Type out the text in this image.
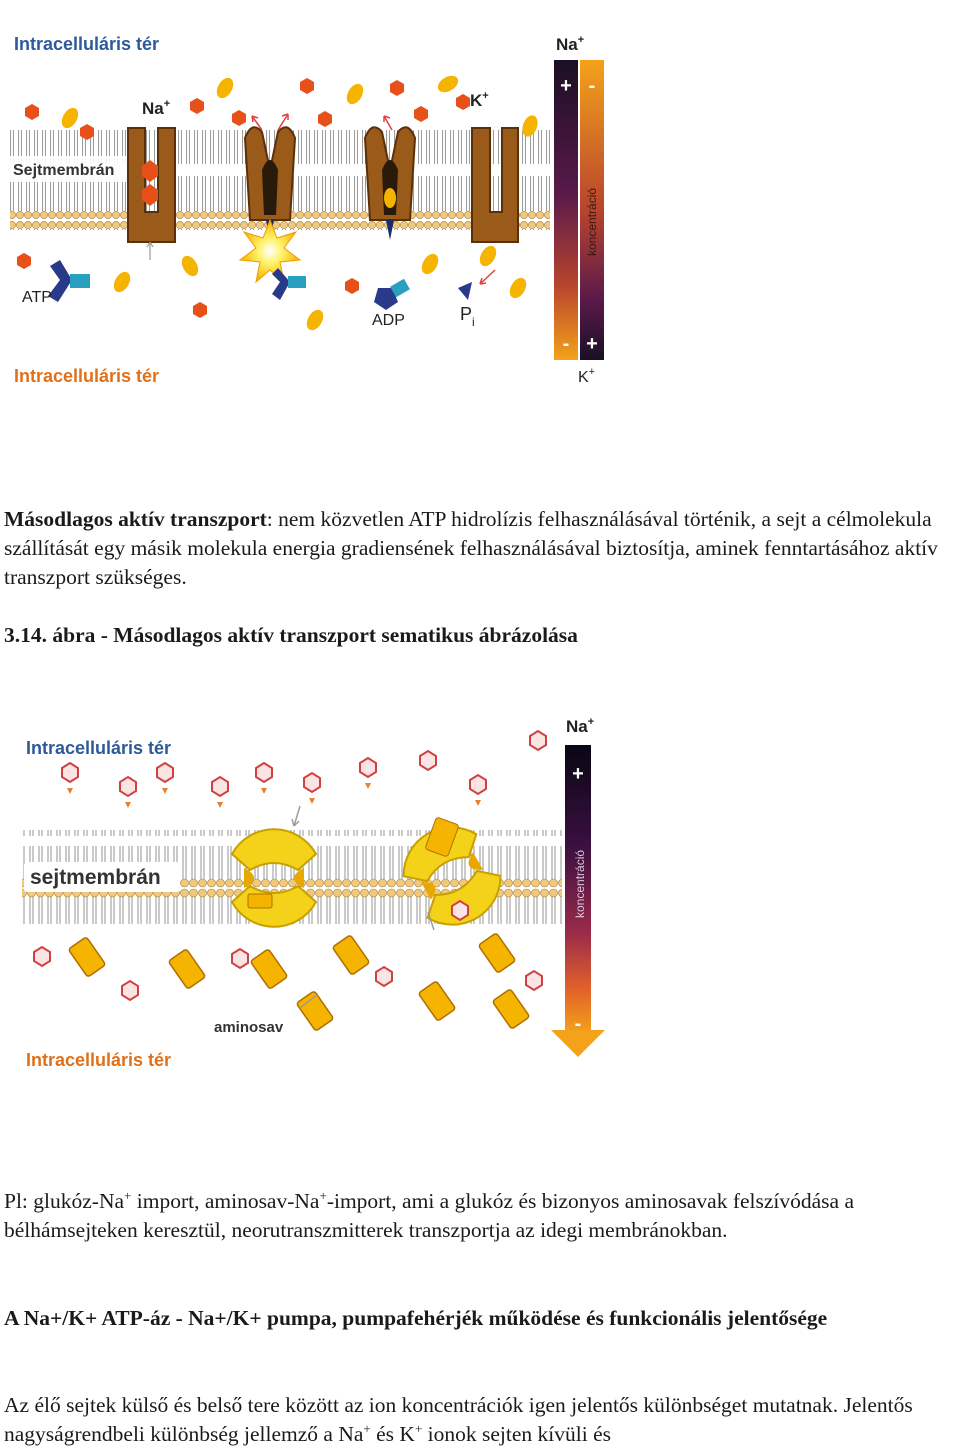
Intracelluláris tér
Intracelluláris tér
Sejtmembrán
ATP
ADP	$P_i$
Na+	K+	+ -
- +
koncentráció
Na+
K+
Másodlagos aktív transzport: nem közvetlen ATP hidrolízis felhasználásával történik, a sejt a célmolekula szállítását egy másik molekula energia gradiensének felhasználásával biztosítja, aminek fenntartásához aktív transzport szükséges.
3.14. ábra - Másodlagos aktív transzport sematikus ábrázolása
Intracelluláris tér
Intracelluláris tér
sejtmembrán
aminosav
+
-
koncentráció
Na+
Pl: glukóz-Na+ import, aminosav-Na+-import, ami a glukóz és bizonyos aminosavak felszívódása a bélhámsejteken keresztül, neorutranszmitterek transzportja az idegi membránokban.
A Na+/K+ ATP-áz - Na+/K+ pumpa, pumpafehérjék működése és funkcionális jelentősége
Az élő sejtek külső és belső tere között az ion koncentrációk igen jelentős különbséget mutatnak. Jelentős nagyságrendbeli különbség jellemző a Na+ és K+ ionok sejten kívüli és
